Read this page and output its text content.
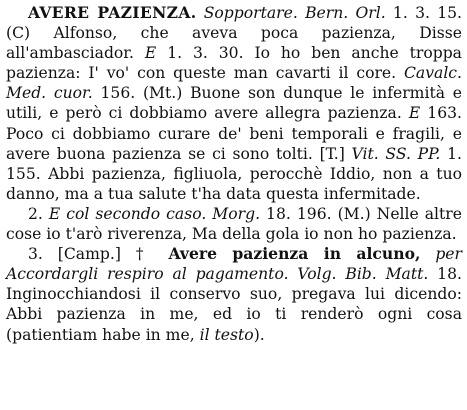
AVERE PAZIENZA. Sopportare. Bern. Orl. 1. 3. 15. (C) Alfonso, che aveva poca pazienza, Disse all'ambasciador. E 1. 3. 30. Io ho ben anche troppa pazienza: I' vo' con queste man cavarti il core. Cavalc. Med. cuor. 156. (Mt.) Buone son dunque le infermità e utili, e però ci dobbiamo avere allegra pazienza. E 163. Poco ci dobbiamo curare de' beni temporali e fragili, e avere buona pazienza se ci sono tolti. [T.] Vit. SS. PP. 1. 155. Abbi pazienza, figliuola, perocchè Iddio, non a tuo danno, ma a tua salute t'ha data questa infermitade.

2. E col secondo caso. Morg. 18. 196. (M.) Nelle altre cose io t'arò riverenza, Ma della gola io non ho pazienza.

3. [Camp.] † Avere pazienza in alcuno, per Accordargli respiro al pagamento. Volg. Bib. Matt. 18. Inginocchiandosi il conservo suo, pregava lui dicendo: Abbi pazienza in me, ed io ti renderò ogni cosa (patientiam habe in me, il testo).
